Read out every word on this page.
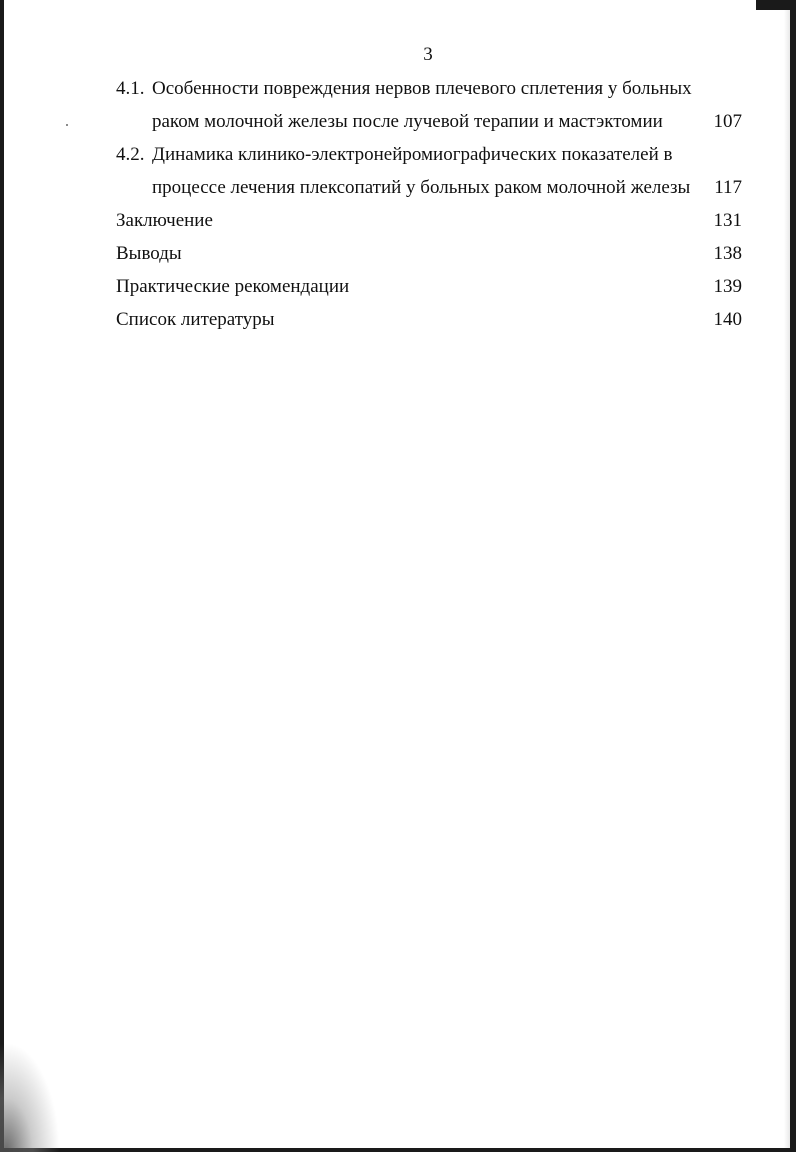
3
4.1. Особенности повреждения нервов плечевого сплетения у больных
раком молочной железы после лучевой терапии и мастэктомии	107
4.2. Динамика клинико-электронейромиографических показателей в
процессе лечения плексопатий у больных раком молочной железы 117
Заключение	131
Выводы	138
Практические рекомендации	139
Список литературы	140
